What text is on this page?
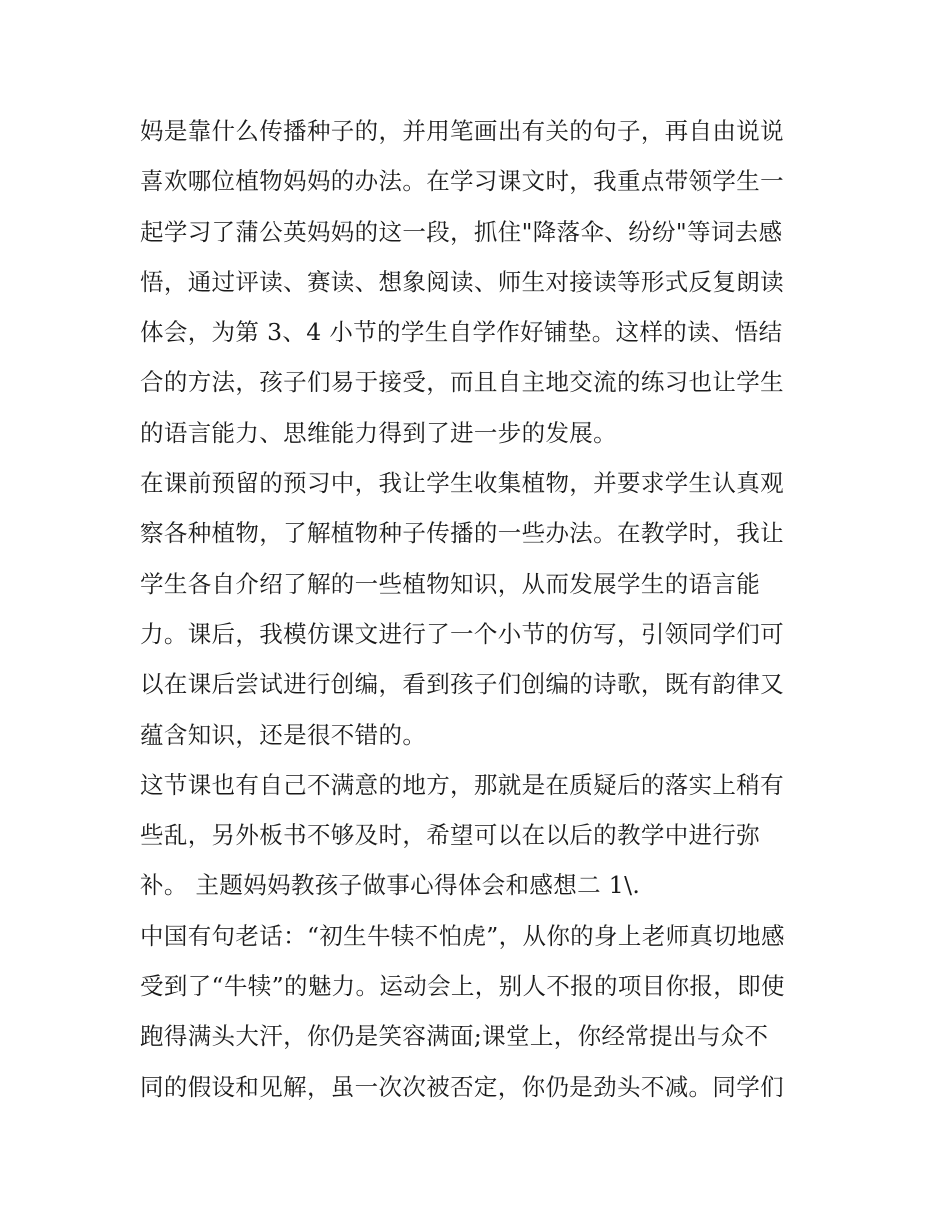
妈是靠什么传播种子的，并用笔画出有关的句子，再自由说说
喜欢哪位植物妈妈的办法。在学习课文时，我重点带领学生一
起学习了蒲公英妈妈的这一段，抓住"降落伞、纷纷"等词去感
悟，通过评读、赛读、想象阅读、师生对接读等形式反复朗读
体会，为第 3、4 小节的学生自学作好铺垫。这样的读、悟结
合的方法，孩子们易于接受，而且自主地交流的练习也让学生
的语言能力、思维能力得到了进一步的发展。
在课前预留的预习中，我让学生收集植物，并要求学生认真观
察各种植物，了解植物种子传播的一些办法。在教学时，我让
学生各自介绍了解的一些植物知识，从而发展学生的语言能
力。课后，我模仿课文进行了一个小节的仿写，引领同学们可
以在课后尝试进行创编，看到孩子们创编的诗歌，既有韵律又
蕴含知识，还是很不错的。
这节课也有自己不满意的地方，那就是在质疑后的落实上稍有
些乱，另外板书不够及时，希望可以在以后的教学中进行弥
补。 主题妈妈教孩子做事心得体会和感想二 1\.
中国有句老话：“初生牛犊不怕虎”，从你的身上老师真切地感
受到了“牛犊”的魅力。运动会上，别人不报的项目你报，即使
跑得满头大汗，你仍是笑容满面;课堂上，你经常提出与众不
同的假设和见解，虽一次次被否定，你仍是劲头不减。同学们
